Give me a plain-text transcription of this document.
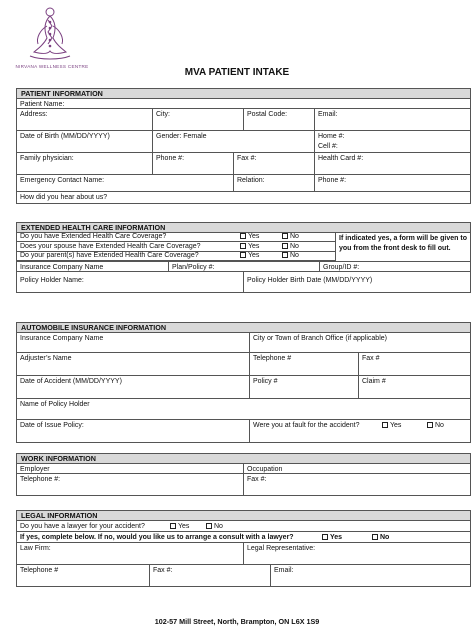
NIRVANA WELLNESS CENTRE
MVA PATIENT INTAKE
PATIENT INFORMATION
Patient Name:
Address:	City:	Postal Code:	Email:
Date of Birth (MM/DD/YYYY)	Gender: Female	Home #:
Cell #:
Family physician:	Phone #:	Fax #:	Health Card #:
Emergency Contact Name:	Relation:	Phone #:
How did you hear about us?
EXTENDED HEALTH CARE INFORMATION
Do you have Extended Health Care Coverage?	Yes	No
Does your spouse have Extended Health Care Coverage?	Yes	No
Do your parent(s) have Extended Health Care Coverage?	Yes	No
If indicated yes, a form will be given to you from the front desk to fill out.
Insurance Company Name	Plan/Policy #:	Group/ID #:
Policy Holder Name:	Policy Holder Birth Date (MM/DD/YYYY)
AUTOMOBILE INSURANCE INFORMATION
Insurance Company Name	City or Town of Branch Office (if applicable)
Adjuster’s Name	Telephone #	Fax #
Date of Accident (MM/DD/YYYY)	Policy #	Claim #
Name of Policy Holder
Date of Issue Policy:	Were you at fault for the accident?	Yes	No
WORK INFORMATION
Employer	Occupation
Telephone #:	Fax #:
LEGAL INFORMATION
Do you have a lawyer for your accident?	Yes	No
If yes, complete below. If no, would you like us to arrange a consult with a lawyer?	Yes	No
Law Firm:	Legal Representative:
Telephone #	Fax #:	Email:
102-57 Mill Street, North, Brampton, ON L6X 1S9
